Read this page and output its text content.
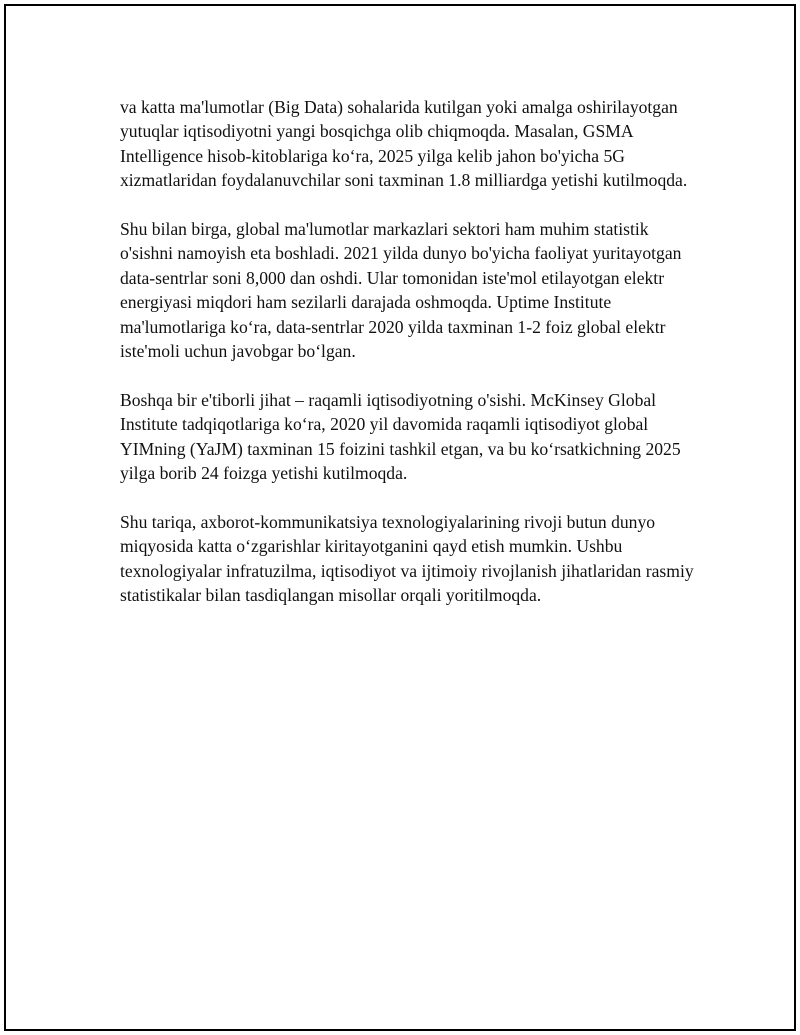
va katta ma'lumotlar (Big Data) sohalarida kutilgan yoki amalga oshirilayotgan yutuqlar iqtisodiyotni yangi bosqichga olib chiqmoqda. Masalan, GSMA Intelligence hisob-kitoblariga ko‘ra, 2025 yilga kelib jahon bo'yicha 5G xizmatlaridan foydalanuvchilar soni taxminan 1.8 milliardga yetishi kutilmoqda.

Shu bilan birga, global ma'lumotlar markazlari sektori ham muhim statistik o'sishni namoyish eta boshladi. 2021 yilda dunyo bo'yicha faoliyat yuritayotgan data-sentrlar soni 8,000 dan oshdi. Ular tomonidan iste'mol etilayotgan elektr energiyasi miqdori ham sezilarli darajada oshmoqda. Uptime Institute ma'lumotlariga ko‘ra, data-sentrlar 2020 yilda taxminan 1-2 foiz global elektr iste'moli uchun javobgar bo‘lgan.

Boshqa bir e'tiborli jihat – raqamli iqtisodiyotning o'sishi. McKinsey Global Institute tadqiqotlariga ko‘ra, 2020 yil davomida raqamli iqtisodiyot global YIMning (YaJM) taxminan 15 foizini tashkil etgan, va bu ko‘rsatkichning 2025 yilga borib 24 foizga yetishi kutilmoqda.

Shu tariqa, axborot-kommunikatsiya texnologiyalarining rivoji butun dunyo miqyosida katta o‘zgarishlar kiritayotganini qayd etish mumkin. Ushbu texnologiyalar infratuzilma, iqtisodiyot va ijtimoiy rivojlanish jihatlaridan rasmiy statistikalar bilan tasdiqlangan misollar orqali yoritilmoqda.
